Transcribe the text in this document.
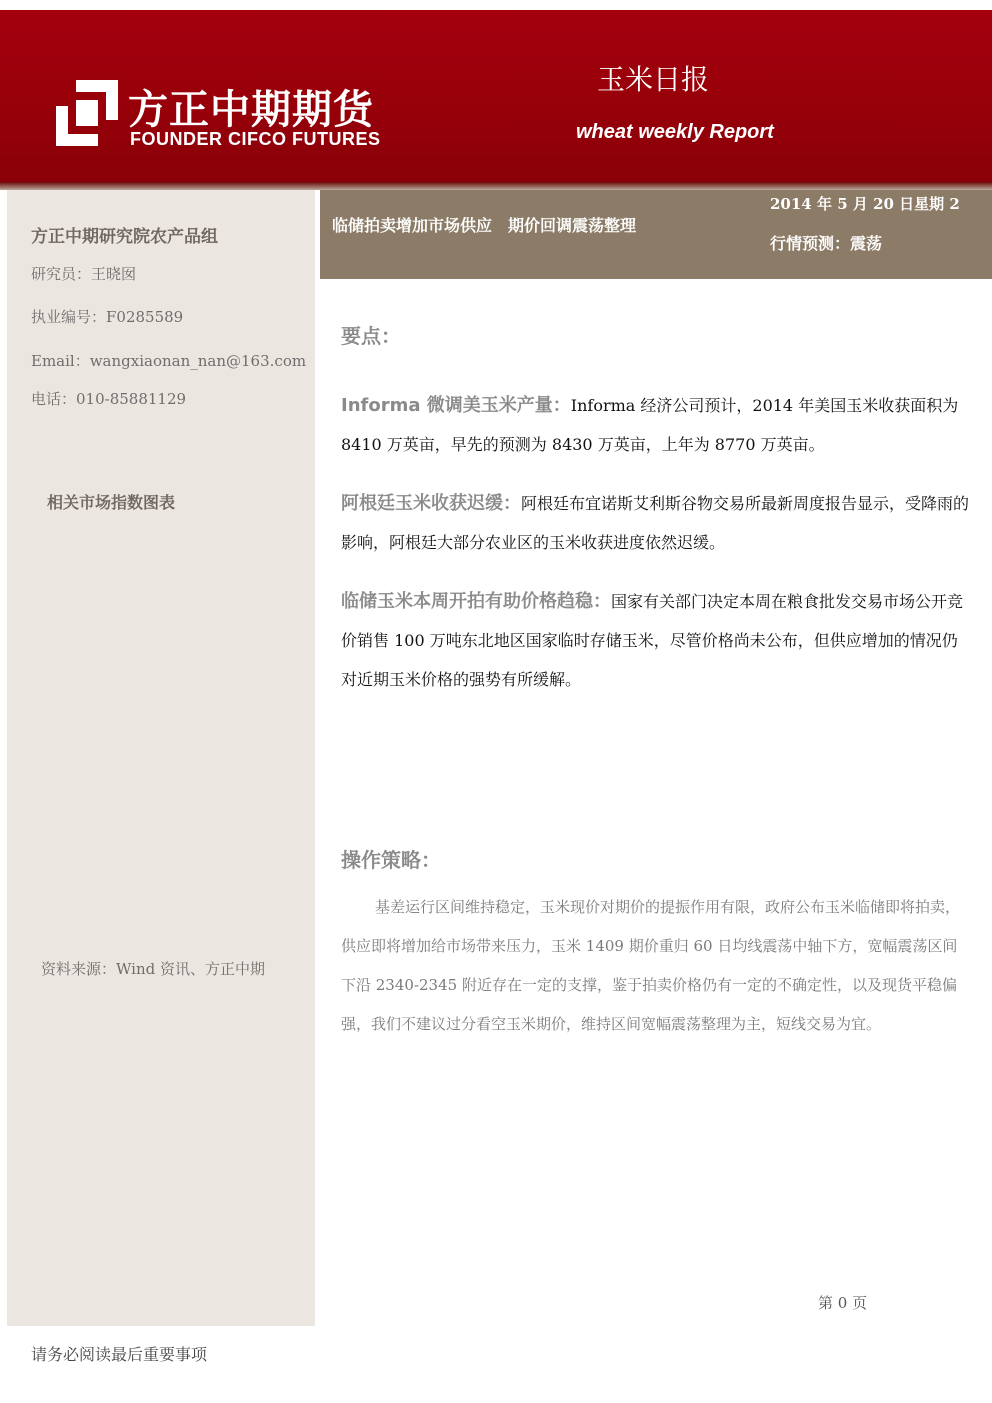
方正中期期货
FOUNDER CIFCO FUTURES
玉米日报
wheat weekly Report
方正中期研究院农产品组
研究员：王晓囡
执业编号：F0285589
Email：wangxiaonan_nan@163.com
电话：010-85881129
相关市场指数图表
资料来源：Wind 资讯、方正中期
临储拍卖增加市场供应　期价回调震荡整理
2014 年 5 月 20 日星期 2
行情预测：震荡
要点：

Informa 微调美玉米产量：Informa 经济公司预计，2014 年美国玉米收获面积为 8410 万英亩，早先的预测为 8430 万英亩，上年为 8770 万英亩。

阿根廷玉米收获迟缓：阿根廷布宜诺斯艾利斯谷物交易所最新周度报告显示，受降雨的影响，阿根廷大部分农业区的玉米收获进度依然迟缓。

临储玉米本周开拍有助价格趋稳：国家有关部门决定本周在粮食批发交易市场公开竞价销售 100 万吨东北地区国家临时存储玉米，尽管价格尚未公布，但供应增加的情况仍对近期玉米价格的强势有所缓解。

操作策略：

基差运行区间维持稳定，玉米现价对期价的提振作用有限，政府公布玉米临储即将拍卖，供应即将增加给市场带来压力，玉米 1409 期价重归 60 日均线震荡中轴下方，宽幅震荡区间下沿 2340-2345 附近存在一定的支撑，鉴于拍卖价格仍有一定的不确定性，以及现货平稳偏强，我们不建议过分看空玉米期价，维持区间宽幅震荡整理为主，短线交易为宜。

第 0 页
请务必阅读最后重要事项
